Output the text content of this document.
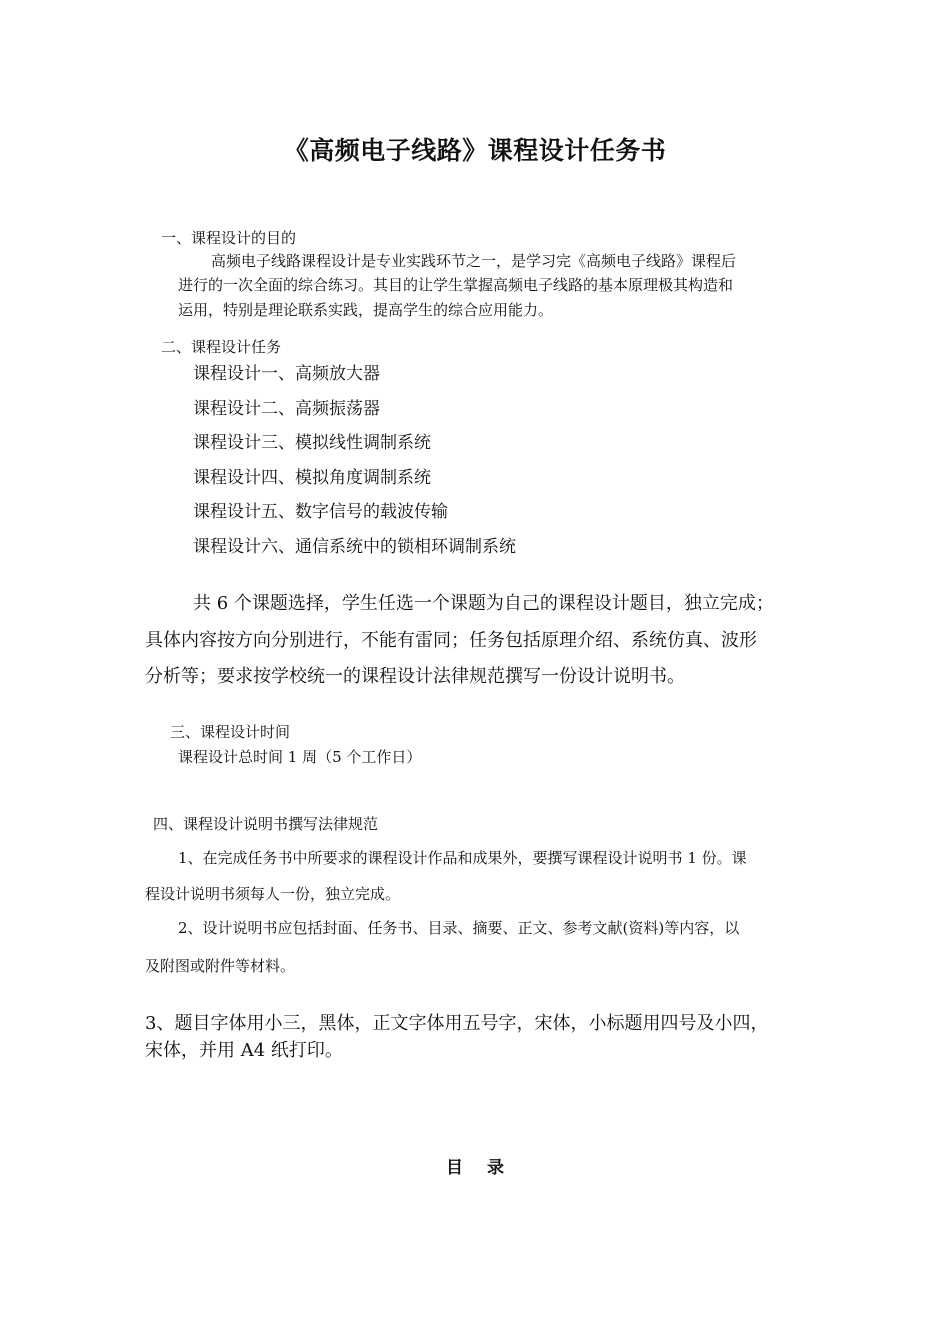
《高频电子线路》课程设计任务书
一、课程设计的目的
高频电子线路课程设计是专业实践环节之一，是学习完《高频电子线路》课程后
进行的一次全面的综合练习。其目的让学生掌握高频电子线路的基本原理极其构造和
运用，特别是理论联系实践，提高学生的综合应用能力。
二、课程设计任务
课程设计一、高频放大器
课程设计二、高频振荡器
课程设计三、模拟线性调制系统
课程设计四、模拟角度调制系统
课程设计五、数字信号的载波传输
课程设计六、通信系统中的锁相环调制系统
共 6 个课题选择，学生任选一个课题为自己的课程设计题目，独立完成；
具体内容按方向分别进行，不能有雷同；任务包括原理介绍、系统仿真、波形
分析等；要求按学校统一的课程设计法律规范撰写一份设计说明书。
三、课程设计时间
课程设计总时间 1 周（5 个工作日）
四、课程设计说明书撰写法律规范
1、在完成任务书中所要求的课程设计作品和成果外，要撰写课程设计说明书 1 份。课
程设计说明书须每人一份，独立完成。
2、设计说明书应包括封面、任务书、目录、摘要、正文、参考文献(资料)等内容，以
及附图或附件等材料。
3、题目字体用小三，黑体，正文字体用五号字，宋体，小标题用四号及小四，
宋体，并用 A4 纸打印。
目录
